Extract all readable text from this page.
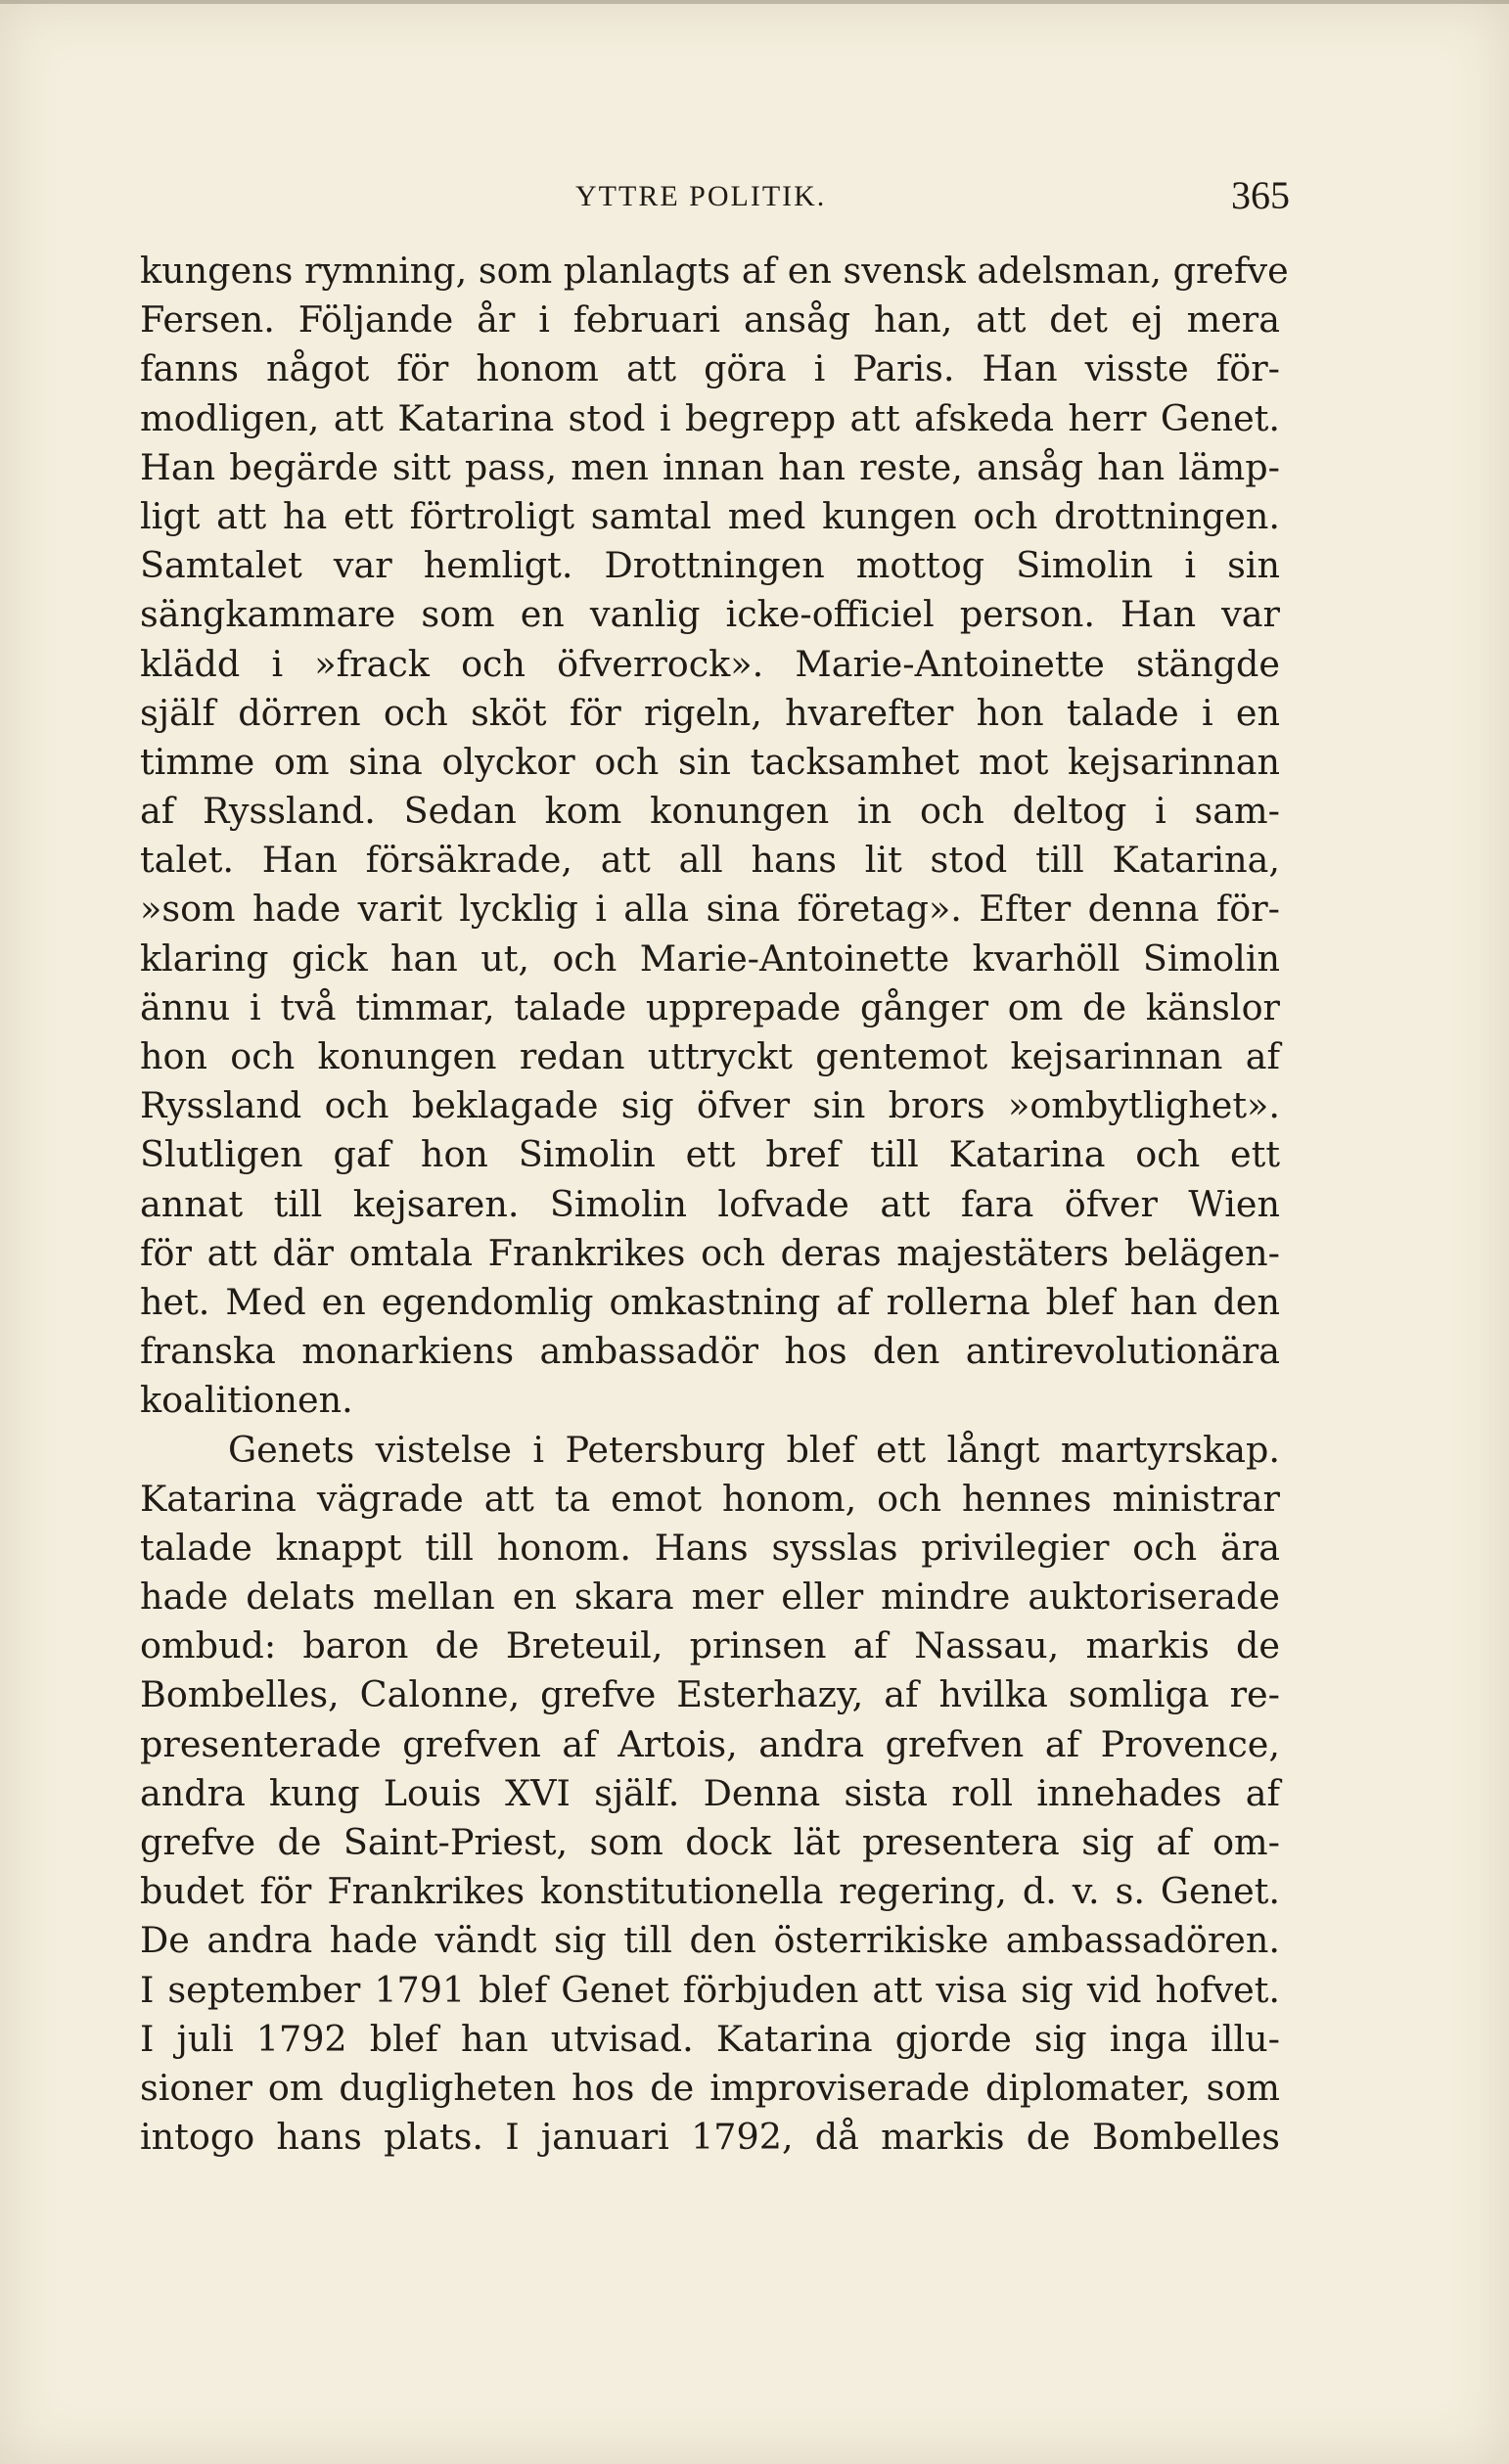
YTTRE POLITIK.	365
kungens rymning, som planlagts af en svensk adelsman, grefve
Fersen. Följande år i februari ansåg han, att det ej mera
fanns något för honom att göra i Paris. Han visste för-
modligen, att Katarina stod i begrepp att afskeda herr Genet.
Han begärde sitt pass, men innan han reste, ansåg han lämp-
ligt att ha ett förtroligt samtal med kungen och drottningen.
Samtalet var hemligt. Drottningen mottog Simolin i sin
sängkammare som en vanlig icke-officiel person. Han var
klädd i »frack och öfverrock». Marie-Antoinette stängde
själf dörren och sköt för rigeln, hvarefter hon talade i en
timme om sina olyckor och sin tacksamhet mot kejsarinnan
af Ryssland. Sedan kom konungen in och deltog i sam-
talet. Han försäkrade, att all hans lit stod till Katarina,
»som hade varit lycklig i alla sina företag». Efter denna för-
klaring gick han ut, och Marie-Antoinette kvarhöll Simolin
ännu i två timmar, talade upprepade gånger om de känslor
hon och konungen redan uttryckt gentemot kejsarinnan af
Ryssland och beklagade sig öfver sin brors »ombytlighet».
Slutligen gaf hon Simolin ett bref till Katarina och ett
annat till kejsaren. Simolin lofvade att fara öfver Wien
för att där omtala Frankrikes och deras majestäters belägen-
het. Med en egendomlig omkastning af rollerna blef han den
franska monarkiens ambassadör hos den antirevolutionära
koalitionen.
Genets vistelse i Petersburg blef ett långt martyrskap.
Katarina vägrade att ta emot honom, och hennes ministrar
talade knappt till honom. Hans sysslas privilegier och ära
hade delats mellan en skara mer eller mindre auktoriserade
ombud: baron de Breteuil, prinsen af Nassau, markis de
Bombelles, Calonne, grefve Esterhazy, af hvilka somliga re-
presenterade grefven af Artois, andra grefven af Provence,
andra kung Louis XVI själf. Denna sista roll innehades af
grefve de Saint-Priest, som dock lät presentera sig af om-
budet för Frankrikes konstitutionella regering, d. v. s. Genet.
De andra hade vändt sig till den österrikiske ambassadören.
I september 1791 blef Genet förbjuden att visa sig vid hofvet.
I juli 1792 blef han utvisad. Katarina gjorde sig inga illu-
sioner om dugligheten hos de improviserade diplomater, som
intogo hans plats. I januari 1792, då markis de Bombelles
